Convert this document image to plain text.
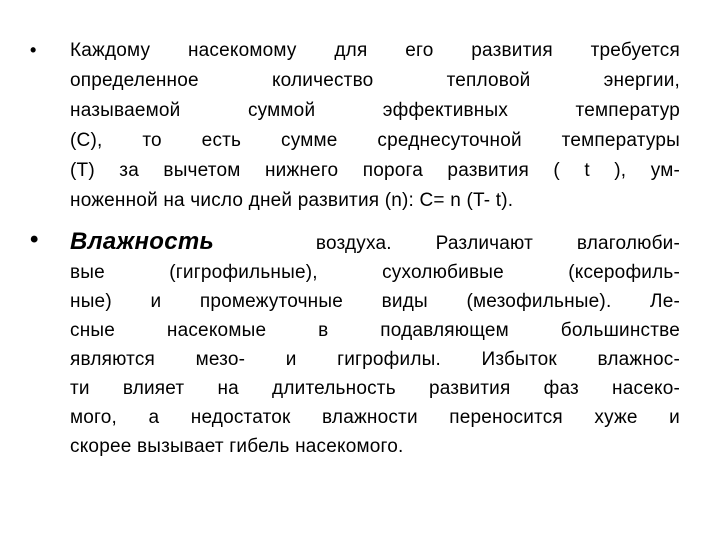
• Каждому насекомому для его развития требуется
определенное количество тепловой энергии,
называемой суммой эффективных температур
(С), то есть сумме среднесуточной температуры
(Т) за вычетом нижнего порога развития ( t ), ум-
ноженной на число дней развития (n): С= n (T- t).
• Влажность	воздуха. Различают влаголюби-
вые (гигрофильные), сухолюбивые (ксерофиль-
ные) и промежуточные виды (мезофильные). Ле-
сные насекомые в подавляющем большинстве
являются мезо- и гигрофилы. Избыток влажнос-
ти влияет на длительность развития фаз насеко-
мого, а недостаток влажности переносится хуже и
скорее вызывает гибель насекомого.
